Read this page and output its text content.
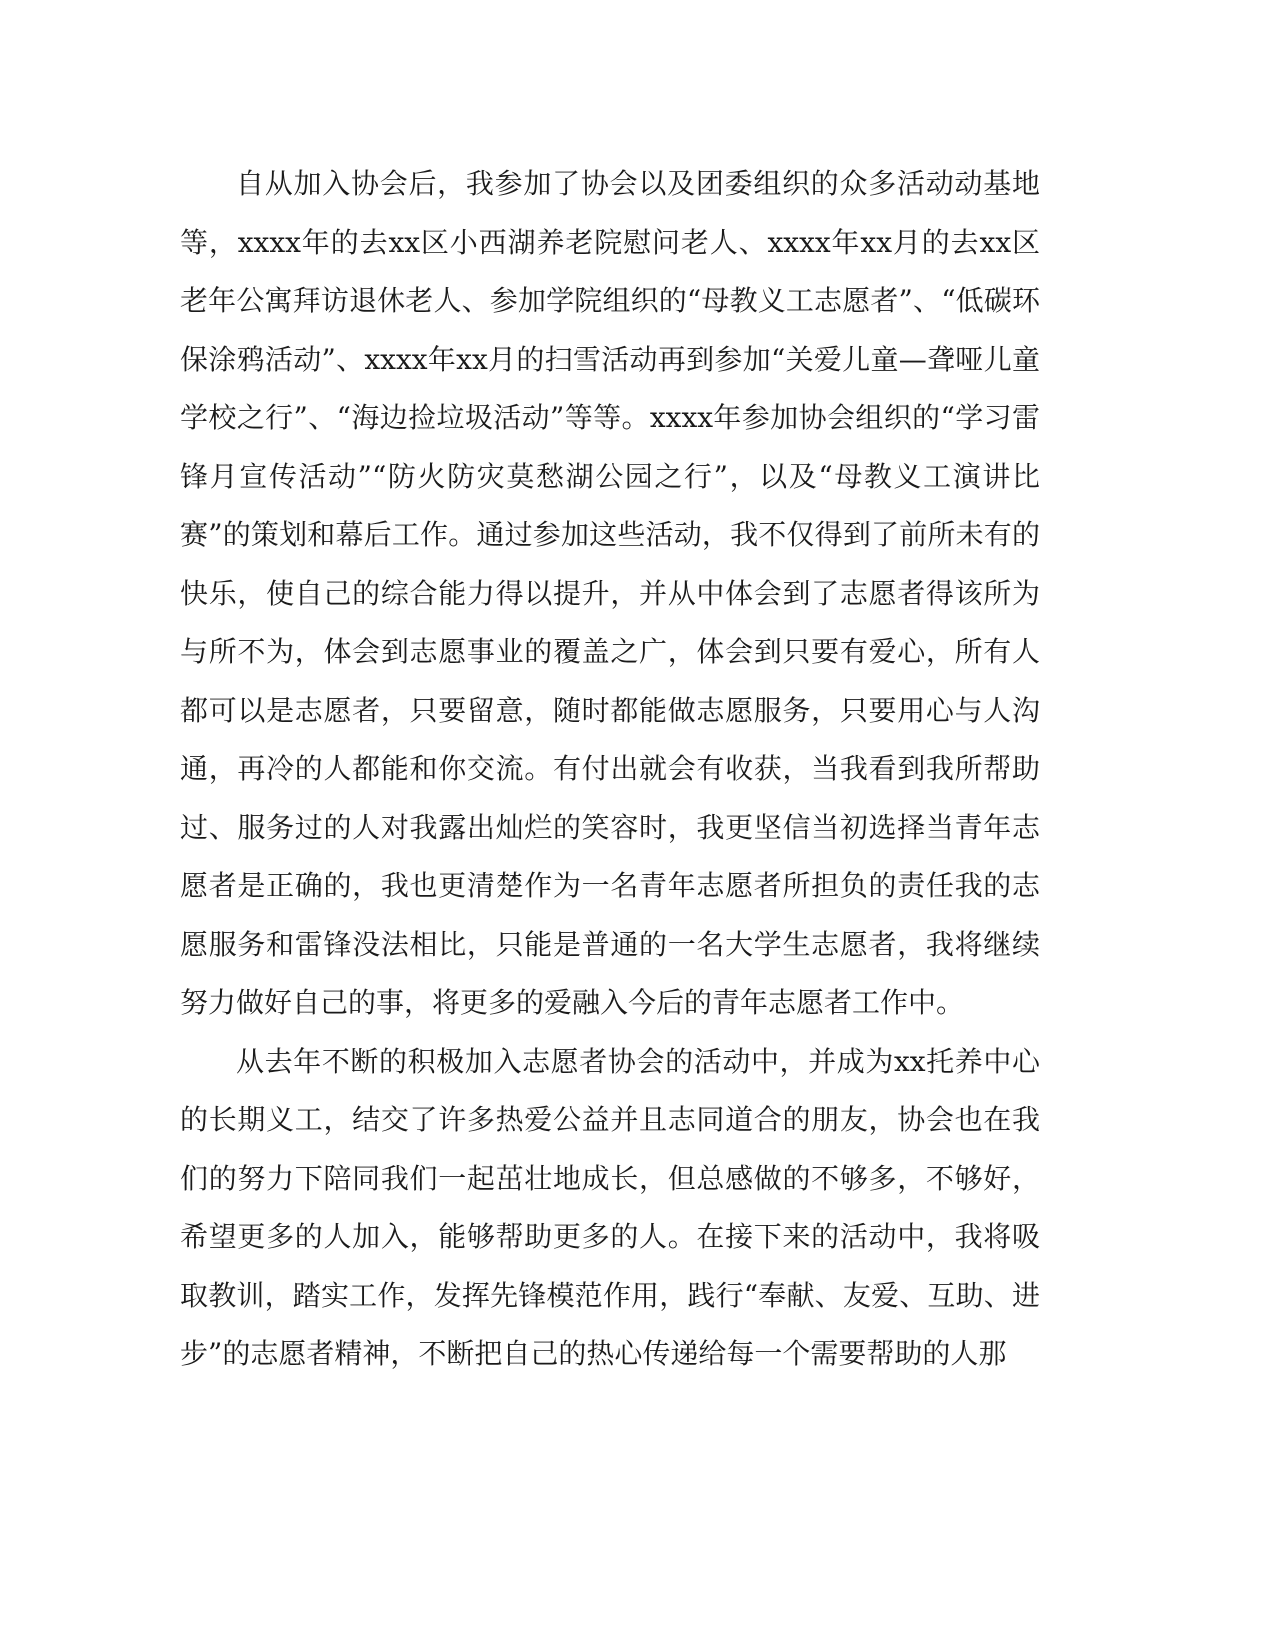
自从加入协会后，我参加了协会以及团委组织的众多活动动基地等，xxxx年的去xx区小西湖养老院慰问老人、xxxx年xx月的去xx区老年公寓拜访退休老人、参加学院组织的“母教义工志愿者”、“低碳环保涂鸦活动”、xxxx年xx月的扫雪活动再到参加“关爱儿童—聋哑儿童学校之行”、“海边捡垃圾活动”等等。xxxx年参加协会组织的“学习雷锋月宣传活动”“防火防灾莫愁湖公园之行”，以及“母教义工演讲比赛”的策划和幕后工作。通过参加这些活动，我不仅得到了前所未有的快乐，使自己的综合能力得以提升，并从中体会到了志愿者得该所为与所不为，体会到志愿事业的覆盖之广，体会到只要有爱心，所有人都可以是志愿者，只要留意，随时都能做志愿服务，只要用心与人沟通，再冷的人都能和你交流。有付出就会有收获，当我看到我所帮助过、服务过的人对我露出灿烂的笑容时，我更坚信当初选择当青年志愿者是正确的，我也更清楚作为一名青年志愿者所担负的责任我的志愿服务和雷锋没法相比，只能是普通的一名大学生志愿者，我将继续努力做好自己的事，将更多的爱融入今后的青年志愿者工作中。

从去年不断的积极加入志愿者协会的活动中，并成为xx托养中心的长期义工，结交了许多热爱公益并且志同道合的朋友，协会也在我们的努力下陪同我们一起茁壮地成长，但总感做的不够多，不够好，希望更多的人加入，能够帮助更多的人。在接下来的活动中，我将吸取教训，踏实工作，发挥先锋模范作用，践行“奉献、友爱、互助、进步”的志愿者精神，不断把自己的热心传递给每一个需要帮助的人那
